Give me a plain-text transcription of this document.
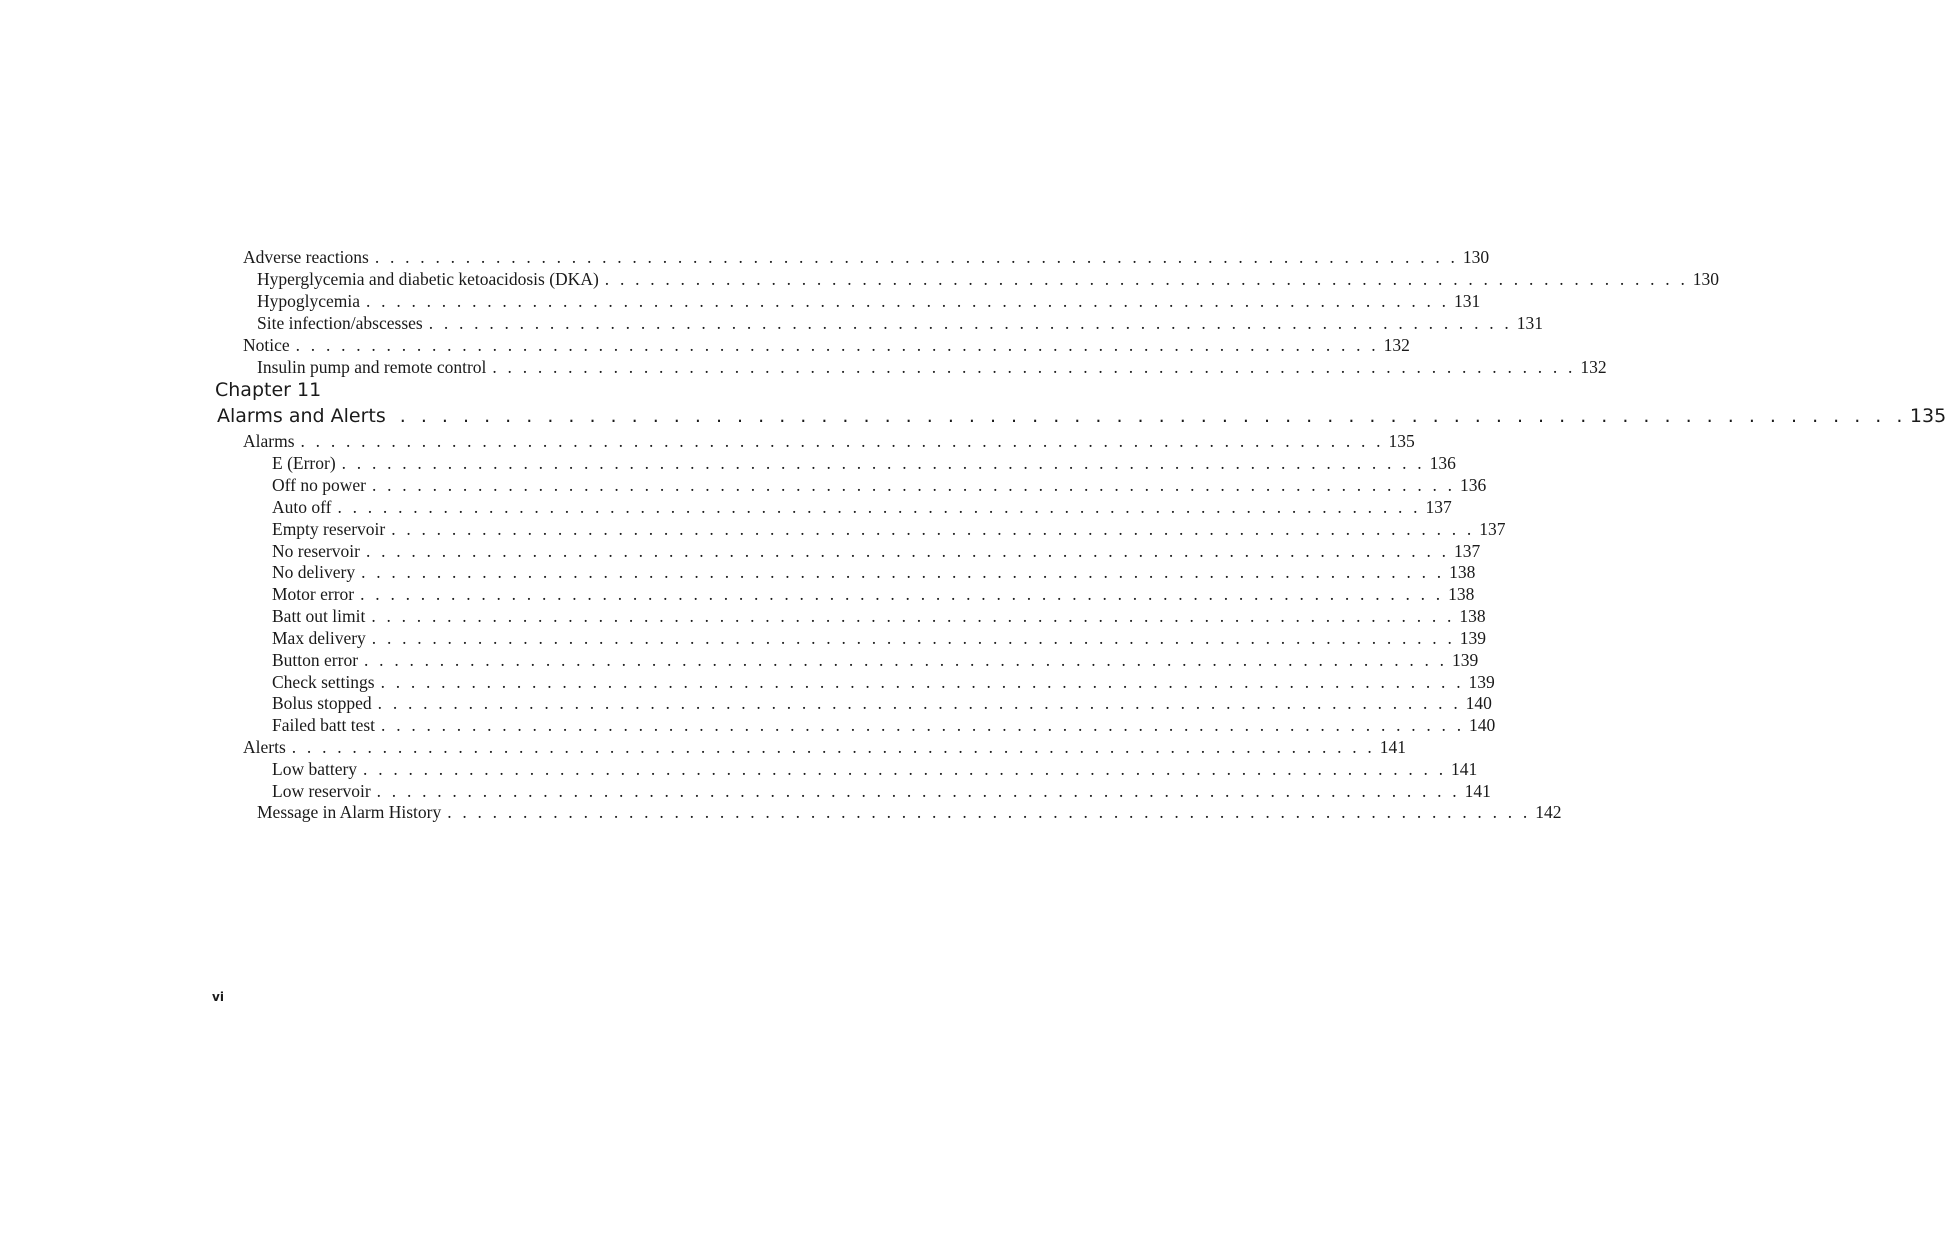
Adverse reactions . . . . . . . . . . . . . . . . . . . . . . . . . . . . . . . . . . . . . . . . . . . . . . . . . . . . . . . . . . . . . . . . . . . . . . . . 130
Hyperglycemia and diabetic ketoacidosis (DKA) . . . . . . . . . . . . . . . . . . . . . . . . . . . . . . . . . . . . . . . . . . . . . . . . . . . . . . . . . . . . . . . . . . . . . . . . 130
Hypoglycemia . . . . . . . . . . . . . . . . . . . . . . . . . . . . . . . . . . . . . . . . . . . . . . . . . . . . . . . . . . . . . . . . . . . . . . . . 131
Site infection/abscesses . . . . . . . . . . . . . . . . . . . . . . . . . . . . . . . . . . . . . . . . . . . . . . . . . . . . . . . . . . . . . . . . . . . . . . . . 131
Notice . . . . . . . . . . . . . . . . . . . . . . . . . . . . . . . . . . . . . . . . . . . . . . . . . . . . . . . . . . . . . . . . . . . . . . . . 132
Insulin pump and remote control . . . . . . . . . . . . . . . . . . . . . . . . . . . . . . . . . . . . . . . . . . . . . . . . . . . . . . . . . . . . . . . . . . . . . . . . 132
Chapter 11
Alarms and Alerts . . . . . . . . . . . . . . . . . . . . . . . . . . . . . . . . . . . . . . . . . . . . . . . . . . . . . . . . . . . . . . . . . . . . . . . . 135
Alarms . . . . . . . . . . . . . . . . . . . . . . . . . . . . . . . . . . . . . . . . . . . . . . . . . . . . . . . . . . . . . . . . . . . . . . . . 135
E (Error) . . . . . . . . . . . . . . . . . . . . . . . . . . . . . . . . . . . . . . . . . . . . . . . . . . . . . . . . . . . . . . . . . . . . . . . . 136
Off no power . . . . . . . . . . . . . . . . . . . . . . . . . . . . . . . . . . . . . . . . . . . . . . . . . . . . . . . . . . . . . . . . . . . . . . . . 136
Auto off . . . . . . . . . . . . . . . . . . . . . . . . . . . . . . . . . . . . . . . . . . . . . . . . . . . . . . . . . . . . . . . . . . . . . . . . 137
Empty reservoir . . . . . . . . . . . . . . . . . . . . . . . . . . . . . . . . . . . . . . . . . . . . . . . . . . . . . . . . . . . . . . . . . . . . . . . . 137
No reservoir . . . . . . . . . . . . . . . . . . . . . . . . . . . . . . . . . . . . . . . . . . . . . . . . . . . . . . . . . . . . . . . . . . . . . . . . 137
No delivery . . . . . . . . . . . . . . . . . . . . . . . . . . . . . . . . . . . . . . . . . . . . . . . . . . . . . . . . . . . . . . . . . . . . . . . . 138
Motor error . . . . . . . . . . . . . . . . . . . . . . . . . . . . . . . . . . . . . . . . . . . . . . . . . . . . . . . . . . . . . . . . . . . . . . . . 138
Batt out limit . . . . . . . . . . . . . . . . . . . . . . . . . . . . . . . . . . . . . . . . . . . . . . . . . . . . . . . . . . . . . . . . . . . . . . . . 138
Max delivery . . . . . . . . . . . . . . . . . . . . . . . . . . . . . . . . . . . . . . . . . . . . . . . . . . . . . . . . . . . . . . . . . . . . . . . . 139
Button error . . . . . . . . . . . . . . . . . . . . . . . . . . . . . . . . . . . . . . . . . . . . . . . . . . . . . . . . . . . . . . . . . . . . . . . . 139
Check settings . . . . . . . . . . . . . . . . . . . . . . . . . . . . . . . . . . . . . . . . . . . . . . . . . . . . . . . . . . . . . . . . . . . . . . . . 139
Bolus stopped . . . . . . . . . . . . . . . . . . . . . . . . . . . . . . . . . . . . . . . . . . . . . . . . . . . . . . . . . . . . . . . . . . . . . . . . 140
Failed batt test . . . . . . . . . . . . . . . . . . . . . . . . . . . . . . . . . . . . . . . . . . . . . . . . . . . . . . . . . . . . . . . . . . . . . . . . 140
Alerts . . . . . . . . . . . . . . . . . . . . . . . . . . . . . . . . . . . . . . . . . . . . . . . . . . . . . . . . . . . . . . . . . . . . . . . . 141
Low battery . . . . . . . . . . . . . . . . . . . . . . . . . . . . . . . . . . . . . . . . . . . . . . . . . . . . . . . . . . . . . . . . . . . . . . . . 141
Low reservoir . . . . . . . . . . . . . . . . . . . . . . . . . . . . . . . . . . . . . . . . . . . . . . . . . . . . . . . . . . . . . . . . . . . . . . . . 141
Message in Alarm History . . . . . . . . . . . . . . . . . . . . . . . . . . . . . . . . . . . . . . . . . . . . . . . . . . . . . . . . . . . . . . . . . . . . . . . . 142
vi
